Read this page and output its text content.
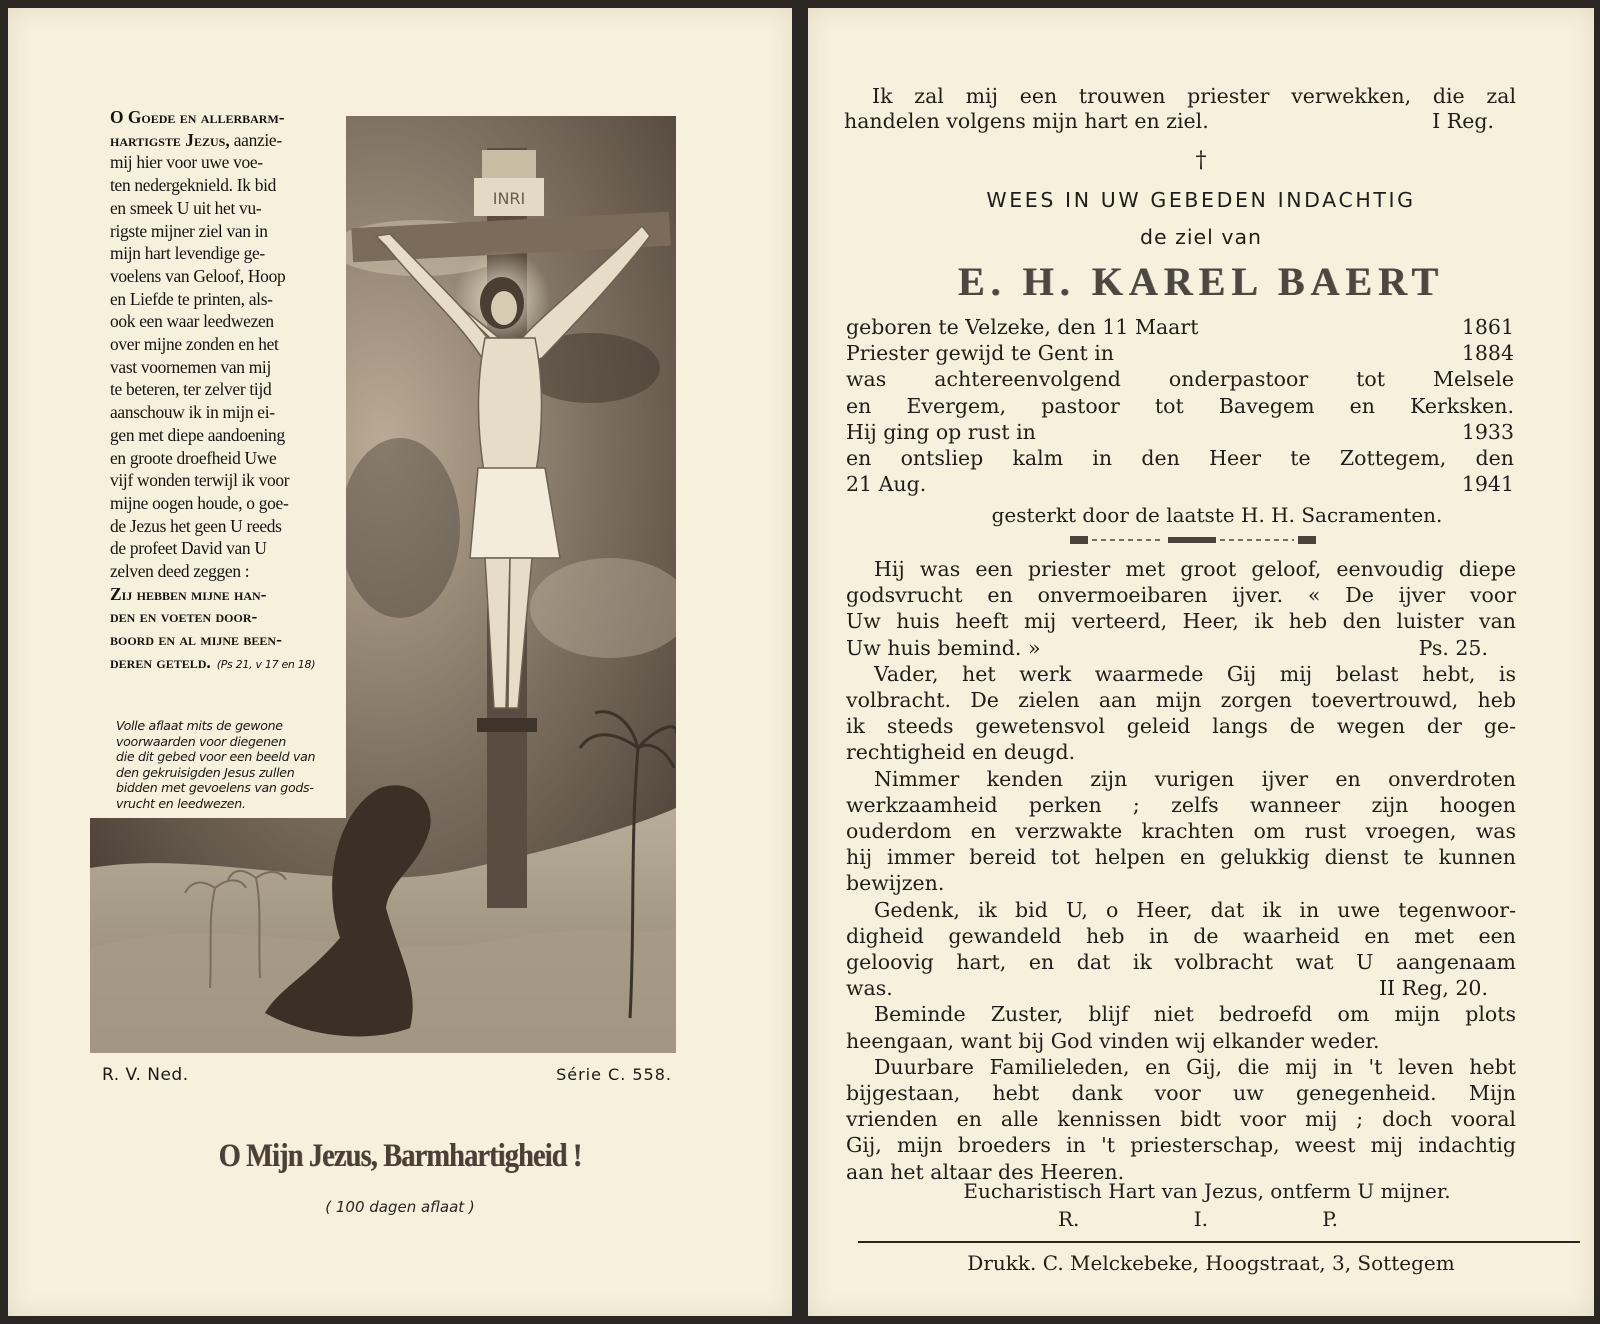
INRI
O Goede en allerbarm-
hartigste Jezus, aanzie-
mij hier voor uwe voe-
ten nedergeknield. Ik bid
en smeek U uit het vu-
rigste mijner ziel van in
mijn hart levendige ge-
voelens van Geloof, Hoop
en Liefde te printen, als-
ook een waar leedwezen
over mijne zonden en het
vast voornemen van mij
te beteren, ter zelver tijd
aanschouw ik in mijn ei-
gen met diepe aandoening
en groote droefheid Uwe
vijf wonden terwijl ik voor
mijne oogen houde, o goe-
de Jezus het geen U reeds
de profeet David van U
zelven deed zeggen :
Zij hebben mijne han-
den en voeten door-
boord en al mijne been-
deren geteld. (Ps 21, v 17 en 18)
Volle aflaat mits de gewone
voorwaarden voor diegenen
die dit gebed voor een beeld van
den gekruisigden Jesus zullen
bidden met gevoelens van gods-
vrucht en leedwezen.
R. V. Ned.	Série C. 558.
O Mijn Jezus, Barmhartigheid !
( 100 dagen aflaat )
Ik zal mij een trouwen priester verwekken, die zal
handelen volgens mijn hart en ziel.	I Reg.
†
WEES IN UW GEBEDEN INDACHTIG
de ziel van
E. H. KAREL BAERT
geboren te Velzeke, den 11 Maart	1861
Priester gewijd te Gent in	1884
was achtereenvolgend onderpastoor tot Melsele
en Evergem, pastoor tot Bavegem en Kerksken.
Hij ging op rust in	1933
en ontsliep kalm in den Heer te Zottegem, den
21 Aug.	1941
gesterkt door de laatste H. H. Sacramenten.
Hij was een priester met groot geloof, eenvoudig diepe
godsvrucht en onvermoeibaren ijver. « De ijver voor
Uw huis heeft mij verteerd, Heer, ik heb den luister van
Uw huis bemind. »	Ps. 25.
Vader, het werk waarmede Gij mij belast hebt, is
volbracht. De zielen aan mijn zorgen toevertrouwd, heb
ik steeds gewetensvol geleid langs de wegen der ge-
rechtigheid en deugd.
Nimmer kenden zijn vurigen ijver en onverdroten
werkzaamheid perken ; zelfs wanneer zijn hoogen
ouderdom en verzwakte krachten om rust vroegen, was
hij immer bereid tot helpen en gelukkig dienst te kunnen
bewijzen.
Gedenk, ik bid U, o Heer, dat ik in uwe tegenwoor-
digheid gewandeld heb in de waarheid en met een
geloovig hart, en dat ik volbracht wat U aangenaam
was.	II Reg, 20.
Beminde Zuster, blijf niet bedroefd om mijn plots
heengaan, want bij God vinden wij elkander weder.
Duurbare Familieleden, en Gij, die mij in 't leven hebt
bijgestaan, hebt dank voor uw genegenheid. Mijn
vrienden en alle kennissen bidt voor mij ; doch vooral
Gij, mijn broeders in 't priesterschap, weest mij indachtig
aan het altaar des Heeren.
Eucharistisch Hart van Jezus, ontferm U mijner.
R.	I.	P.
Drukk. C. Melckebeke, Hoogstraat, 3, Sottegem
